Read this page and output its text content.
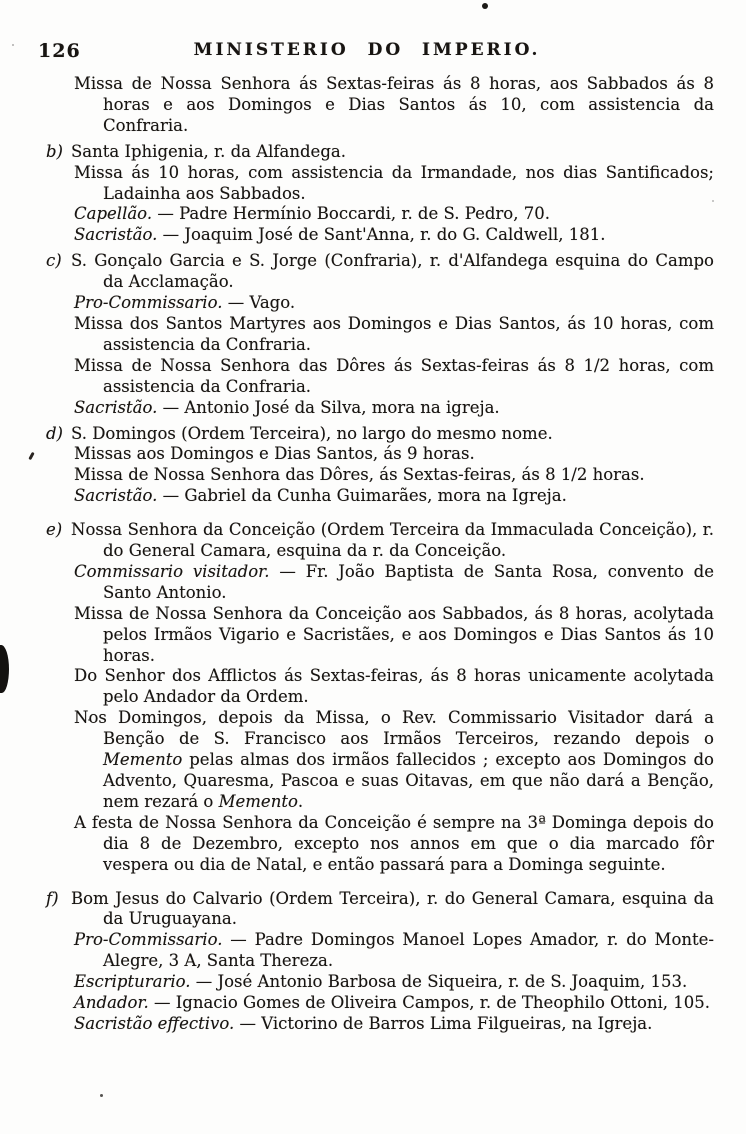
126	MINISTERIO DO IMPERIO.

Missa de Nossa Senhora ás Sextas-feiras ás 8 horas, aos Sabbados ás 8 horas e aos Domingos e Dias Santos ás 10, com assistencia da Confraria.

b) Santa Iphigenia, r. da Alfandega.

Missa ás 10 horas, com assistencia da Irmandade, nos dias Santificados; Ladainha aos Sabbados.

Capellão. — Padre Hermínio Boccardi, r. de S. Pedro, 70.

Sacristão. — Joaquim José de Sant'Anna, r. do G. Caldwell, 181.

c) S. Gonçalo Garcia e S. Jorge (Confraria), r. d'Alfandega esquina do Campo da Acclamação.

Pro-Commissario. — Vago.

Missa dos Santos Martyres aos Domingos e Dias Santos, ás 10 horas, com assistencia da Confraria.

Missa de Nossa Senhora das Dôres ás Sextas-feiras ás 8 1/2 horas, com assistencia da Confraria.

Sacristão. — Antonio José da Silva, mora na igreja.

d) S. Domingos (Ordem Terceira), no largo do mesmo nome.

Missas aos Domingos e Dias Santos, ás 9 horas.

Missa de Nossa Senhora das Dôres, ás Sextas-feiras, ás 8 1/2 horas.

Sacristão. — Gabriel da Cunha Guimarães, mora na Igreja.

e) Nossa Senhora da Conceição (Ordem Terceira da Immaculada Conceição), r. do General Camara, esquina da r. da Conceição.

Commissario visitador. — Fr. João Baptista de Santa Rosa, convento de Santo Antonio.

Missa de Nossa Senhora da Conceição aos Sabbados, ás 8 horas, acolytada pelos Irmãos Vigario e Sacristães, e aos Domingos e Dias Santos ás 10 horas.

Do Senhor dos Afflictos ás Sextas-feiras, ás 8 horas unicamente acolytada pelo Andador da Ordem.

Nos Domingos, depois da Missa, o Rev. Commissario Visitador dará a Benção de S. Francisco aos Irmãos Terceiros, rezando depois o Memento pelas almas dos irmãos fallecidos ; excepto aos Domingos do Advento, Quaresma, Pascoa e suas Oitavas, em que não dará a Benção, nem rezará o Memento.

A festa de Nossa Senhora da Conceição é sempre na 3ª Dominga depois do dia 8 de Dezembro, excepto nos annos em que o dia marcado fôr vespera ou dia de Natal, e então passará para a Dominga seguinte.

f) Bom Jesus do Calvario (Ordem Terceira), r. do General Camara, esquina da da Uruguayana.

Pro-Commissario. — Padre Domingos Manoel Lopes Amador, r. do Monte-Alegre, 3 A, Santa Thereza.

Escripturario. — José Antonio Barbosa de Siqueira, r. de S. Joaquim, 153.

Andador. — Ignacio Gomes de Oliveira Campos, r. de Theophilo Ottoni, 105.

Sacristão effectivo. — Victorino de Barros Lima Filgueiras, na Igreja.
